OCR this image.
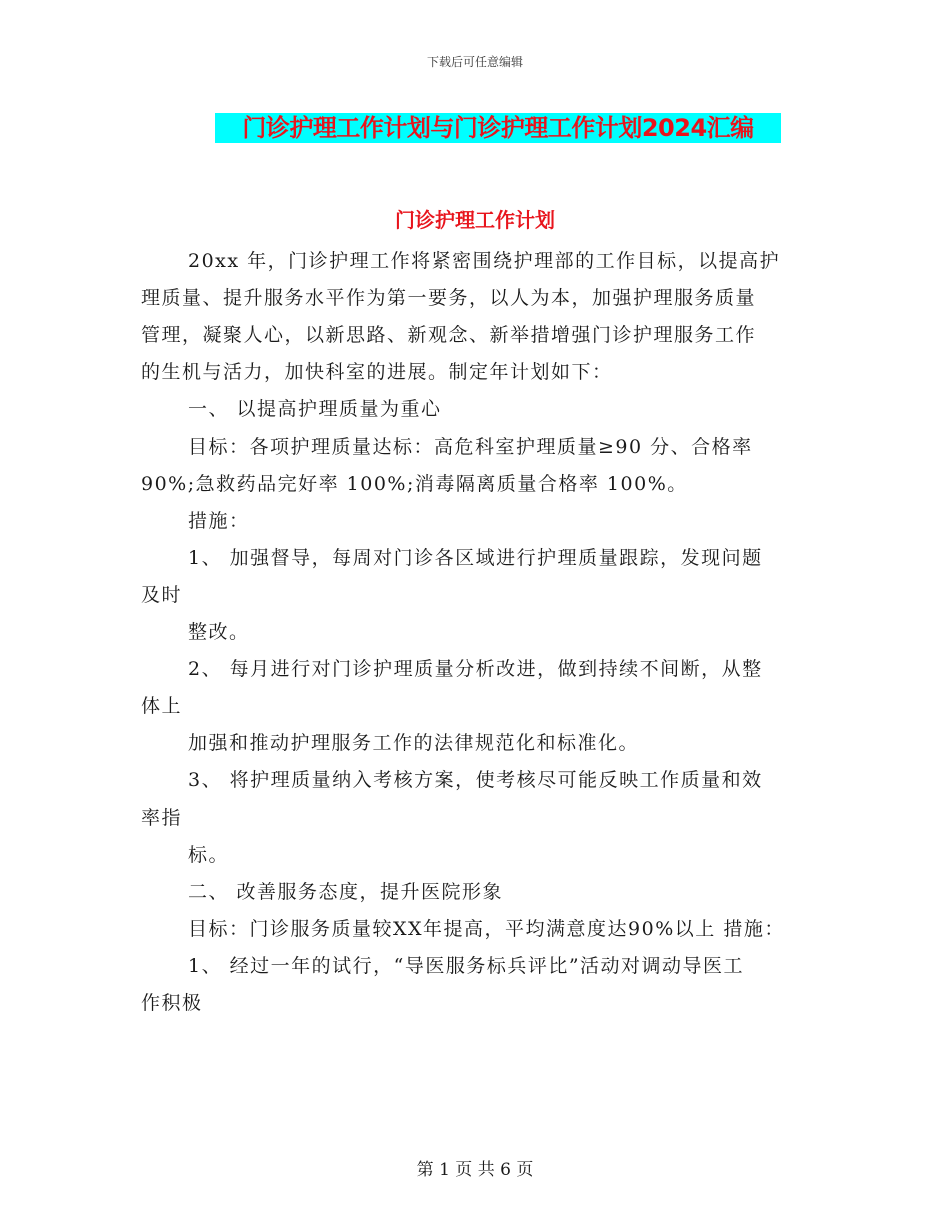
下载后可任意编辑
门诊护理工作计划与门诊护理工作计划2024汇编
门诊护理工作计划
20xx 年，门诊护理工作将紧密围绕护理部的工作目标，以提高护
理质量、提升服务水平作为第一要务，以人为本，加强护理服务质量
管理，凝聚人心，以新思路、新观念、新举措增强门诊护理服务工作
的生机与活力，加快科室的进展。制定年计划如下：
一、 以提高护理质量为重心
目标：各项护理质量达标：高危科室护理质量≥90 分、合格率
90%;急救药品完好率 100%;消毒隔离质量合格率 100%。
措施：
1、 加强督导，每周对门诊各区域进行护理质量跟踪，发现问题
及时
整改。
2、 每月进行对门诊护理质量分析改进，做到持续不间断，从整
体上
加强和推动护理服务工作的法律规范化和标准化。
3、 将护理质量纳入考核方案，使考核尽可能反映工作质量和效
率指
标。
二、 改善服务态度，提升医院形象
目标：门诊服务质量较XX年提高，平均满意度达90%以上 措施：
1、 经过一年的试行，“导医服务标兵评比”活动对调动导医工
作积极
第 1 页 共 6 页
